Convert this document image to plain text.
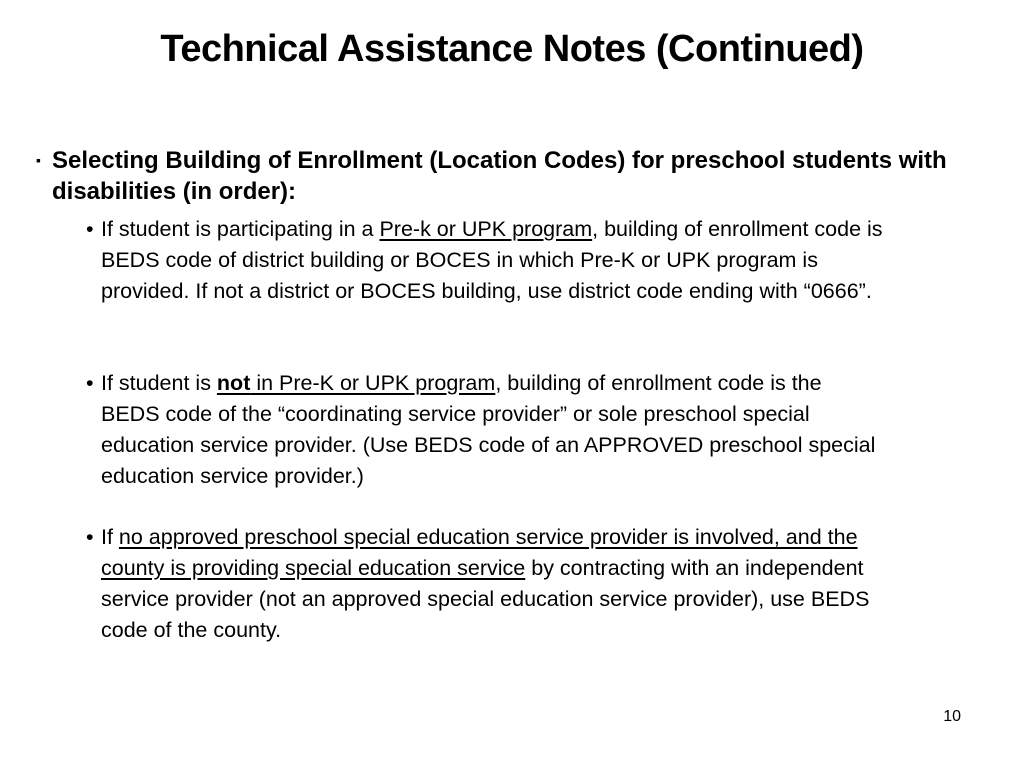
Technical Assistance Notes (Continued)
▪ Selecting Building of Enrollment (Location Codes) for preschool students with disabilities (in order):
• If student is participating in a Pre-k or UPK program, building of enrollment code is BEDS code of district building or BOCES in which Pre-K or UPK program is provided. If not a district or BOCES building, use district code ending with “0666”.
• If student is not in Pre-K or UPK program, building of enrollment code is the BEDS code of the “coordinating service provider” or sole preschool special education service provider. (Use BEDS code of an APPROVED preschool special education service provider.)
• If no approved preschool special education service provider is involved, and the county is providing special education service by contracting with an independent service provider (not an approved special education service provider), use BEDS code of the county.
10
